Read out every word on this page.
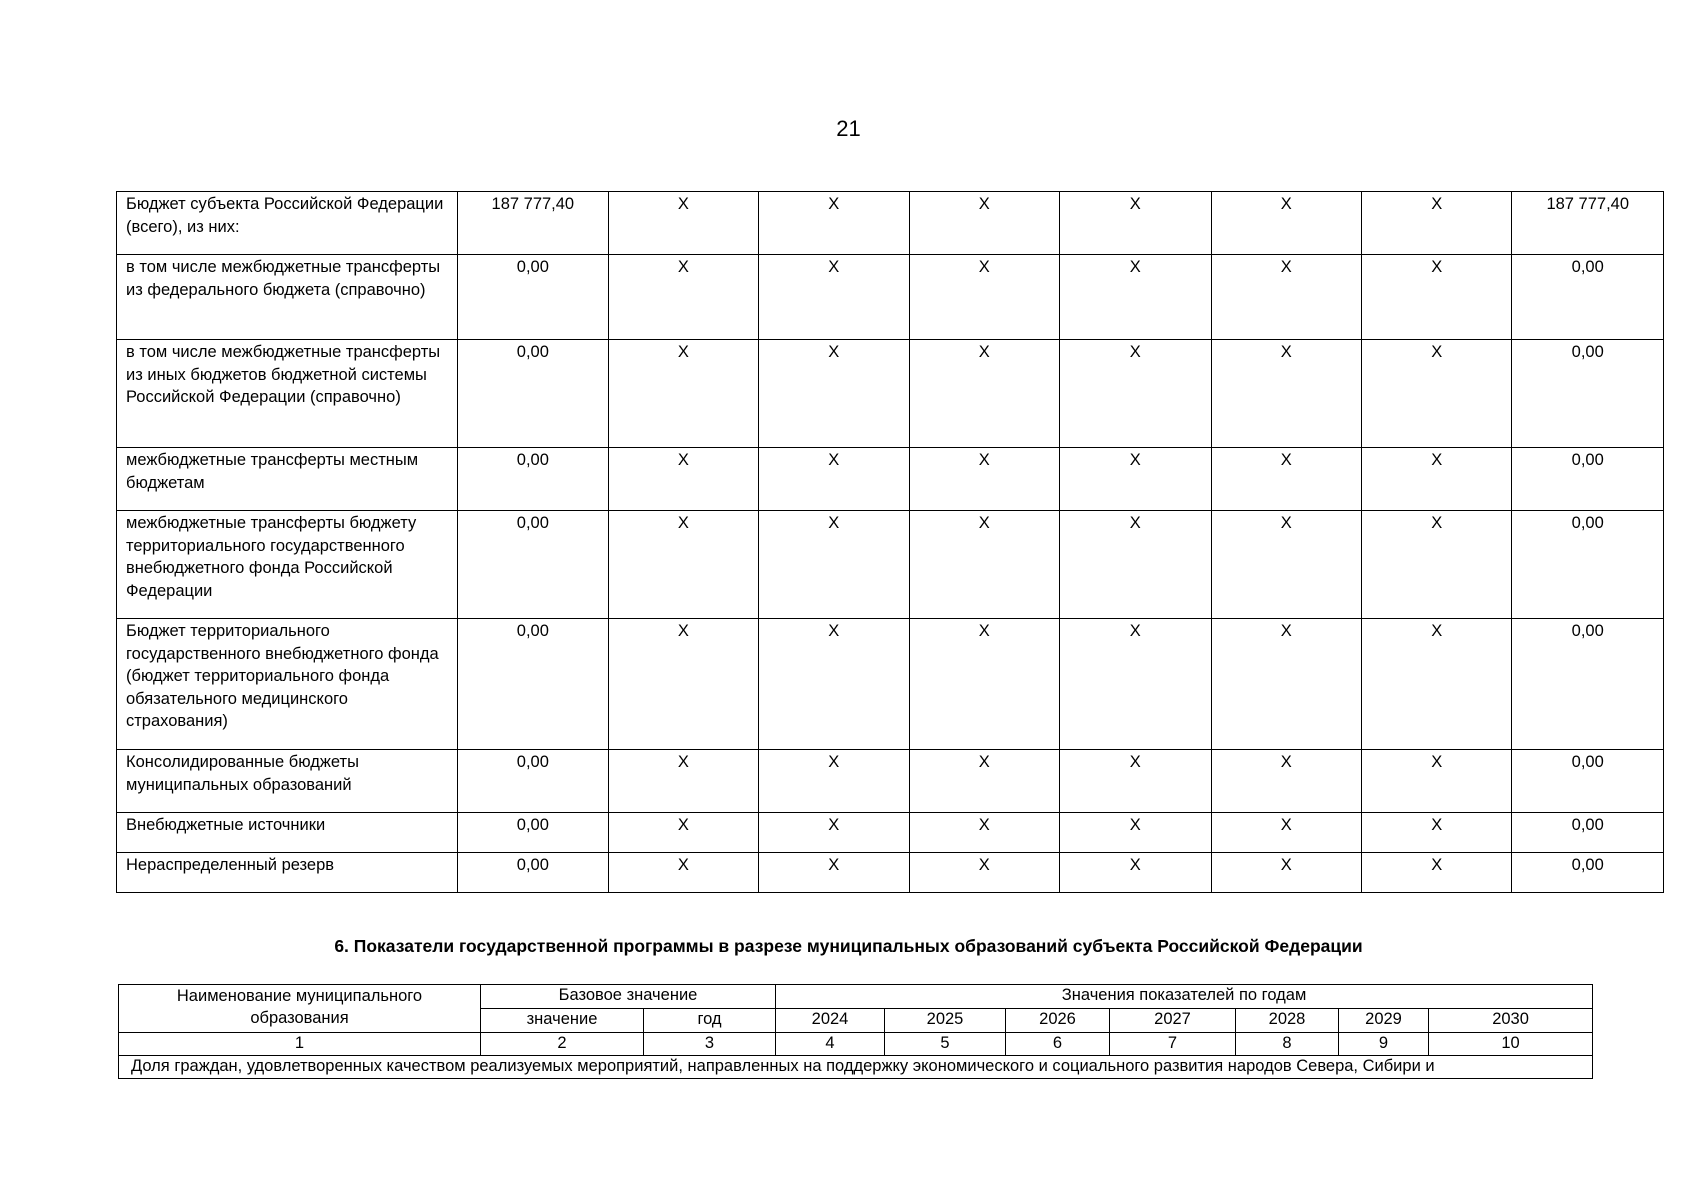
21
Бюджет субъекта Российской Федерации (всего), из них:	187 777,40	X	X	X	X	X	X	187 777,40
в том числе межбюджетные трансферты из федерального бюджета (справочно)	0,00	X	X	X	X	X	X	0,00
в том числе межбюджетные трансферты из иных бюджетов бюджетной системы Российской Федерации (справочно)	0,00	X	X	X	X	X	X	0,00
межбюджетные трансферты местным бюджетам	0,00	X	X	X	X	X	X	0,00
межбюджетные трансферты бюджету территориального государственного внебюджетного фонда Российской Федерации	0,00	X	X	X	X	X	X	0,00
Бюджет территориального государственного внебюджетного фонда (бюджет территориального фонда обязательного медицинского страхования)	0,00	X	X	X	X	X	X	0,00
Консолидированные бюджеты муниципальных образований	0,00	X	X	X	X	X	X	0,00
Внебюджетные источники	0,00	X	X	X	X	X	X	0,00
Нераспределенный резерв	0,00	X	X	X	X	X	X	0,00
6. Показатели государственной программы в разрезе муниципальных образований субъекта Российской Федерации
Наименование муниципального образования	Базовое значение		Значения показателей по годам						
	значение	год	2024	2025	2026	2027	2028	2029	2030
1	2	3	4	5	6	7	8	9	10
Доля граждан, удовлетворенных качеством реализуемых мероприятий, направленных на поддержку экономического и социального развития народов Севера, Сибири и									
